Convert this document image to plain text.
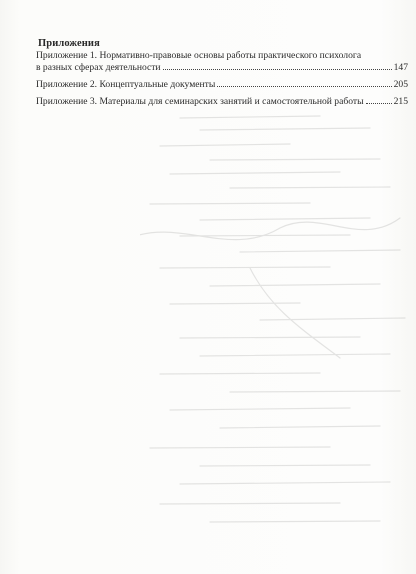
Приложения
Приложение 1. Нормативно-правовые основы работы практического психолога
в разных сферах деятельности	147
Приложение 2. Концептуальные документы	205
Приложение 3. Материалы для семинарских занятий и самостоятельной работы	215
